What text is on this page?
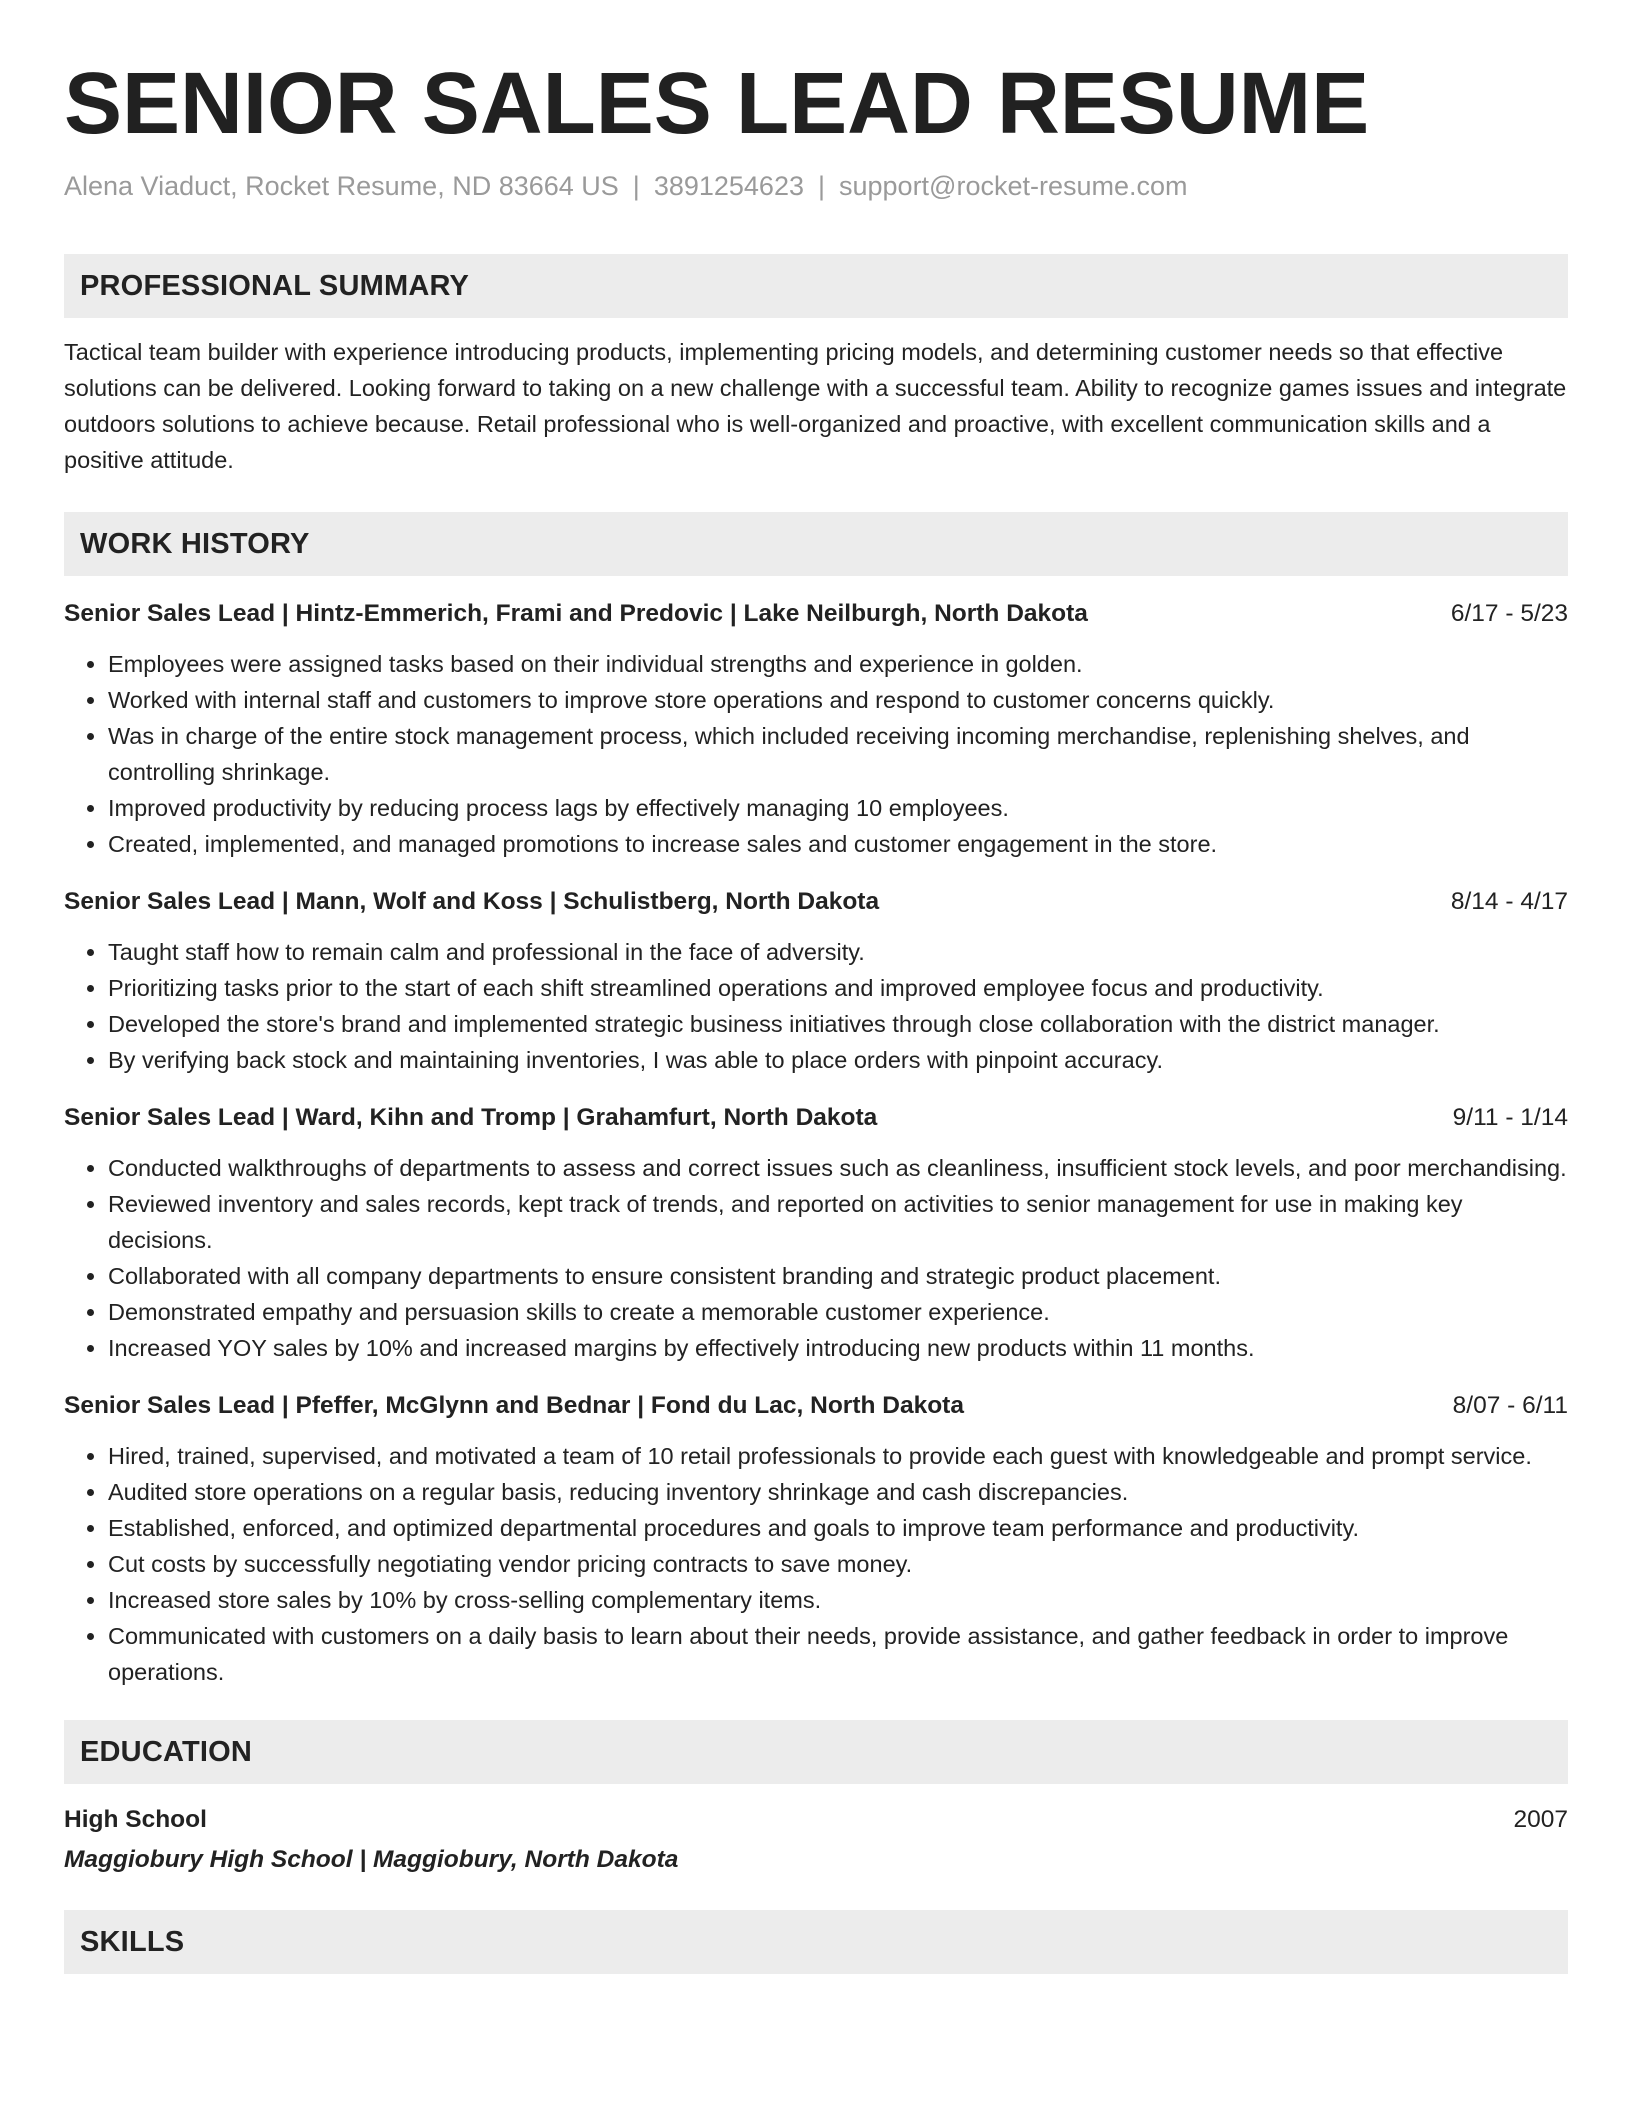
SENIOR SALES LEAD RESUME
Alena Viaduct, Rocket Resume, ND 83664 US | 3891254623 | support@rocket-resume.com
PROFESSIONAL SUMMARY

Tactical team builder with experience introducing products, implementing pricing models, and determining customer needs so that effective solutions can be delivered. Looking forward to taking on a new challenge with a successful team. Ability to recognize games issues and integrate outdoors solutions to achieve because. Retail professional who is well-organized and proactive, with excellent communication skills and a positive attitude.

WORK HISTORY
Senior Sales Lead | Hintz-Emmerich, Frami and Predovic | Lake Neilburgh, North Dakota	6/17 - 5/23
• Employees were assigned tasks based on their individual strengths and experience in golden.
• Worked with internal staff and customers to improve store operations and respond to customer concerns quickly.
• Was in charge of the entire stock management process, which included receiving incoming merchandise, replenishing shelves, and controlling shrinkage.
• Improved productivity by reducing process lags by effectively managing 10 employees.
• Created, implemented, and managed promotions to increase sales and customer engagement in the store.
Senior Sales Lead | Mann, Wolf and Koss | Schulistberg, North Dakota	8/14 - 4/17
• Taught staff how to remain calm and professional in the face of adversity.
• Prioritizing tasks prior to the start of each shift streamlined operations and improved employee focus and productivity.
• Developed the store's brand and implemented strategic business initiatives through close collaboration with the district manager.
• By verifying back stock and maintaining inventories, I was able to place orders with pinpoint accuracy.
Senior Sales Lead | Ward, Kihn and Tromp | Grahamfurt, North Dakota	9/11 - 1/14
• Conducted walkthroughs of departments to assess and correct issues such as cleanliness, insufficient stock levels, and poor merchandising.
• Reviewed inventory and sales records, kept track of trends, and reported on activities to senior management for use in making key decisions.
• Collaborated with all company departments to ensure consistent branding and strategic product placement.
• Demonstrated empathy and persuasion skills to create a memorable customer experience.
• Increased YOY sales by 10% and increased margins by effectively introducing new products within 11 months.
Senior Sales Lead | Pfeffer, McGlynn and Bednar | Fond du Lac, North Dakota	8/07 - 6/11
• Hired, trained, supervised, and motivated a team of 10 retail professionals to provide each guest with knowledgeable and prompt service.
• Audited store operations on a regular basis, reducing inventory shrinkage and cash discrepancies.
• Established, enforced, and optimized departmental procedures and goals to improve team performance and productivity.
• Cut costs by successfully negotiating vendor pricing contracts to save money.
• Increased store sales by 10% by cross-selling complementary items.
• Communicated with customers on a daily basis to learn about their needs, provide assistance, and gather feedback in order to improve operations.
EDUCATION
High School	2007
Maggiobury High School | Maggiobury, North Dakota
SKILLS
